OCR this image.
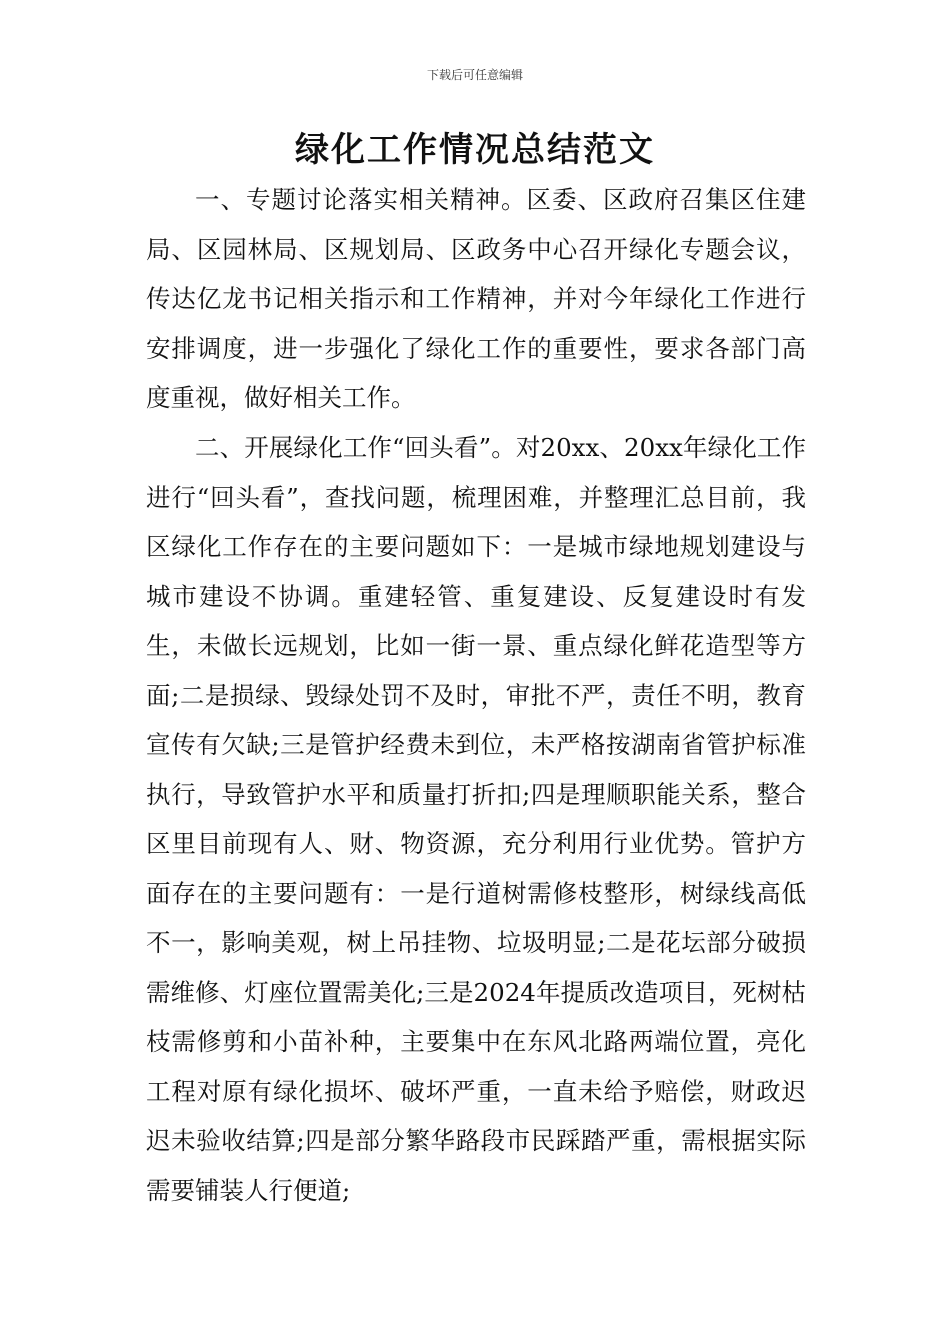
下载后可任意编辑
绿化工作情况总结范文

一、专题讨论落实相关精神。区委、区政府召集区住建局、区园林局、区规划局、区政务中心召开绿化专题会议，传达亿龙书记相关指示和工作精神，并对今年绿化工作进行安排调度，进一步强化了绿化工作的重要性，要求各部门高度重视，做好相关工作。

二、开展绿化工作“回头看”。对20xx、20xx年绿化工作进行“回头看”，查找问题，梳理困难，并整理汇总目前，我区绿化工作存在的主要问题如下：一是城市绿地规划建设与城市建设不协调。重建轻管、重复建设、反复建设时有发生，未做长远规划，比如一街一景、重点绿化鲜花造型等方面;二是损绿、毁绿处罚不及时，审批不严，责任不明，教育宣传有欠缺;三是管护经费未到位，未严格按湖南省管护标准执行，导致管护水平和质量打折扣;四是理顺职能关系，整合区里目前现有人、财、物资源，充分利用行业优势。管护方面存在的主要问题有：一是行道树需修枝整形，树绿线高低不一，影响美观，树上吊挂物、垃圾明显;二是花坛部分破损需维修、灯座位置需美化;三是2024年提质改造项目，死树枯枝需修剪和小苗补种，主要集中在东风北路两端位置，亮化工程对原有绿化损坏、破坏严重，一直未给予赔偿，财政迟迟未验收结算;四是部分繁华路段市民踩踏严重，需根据实际需要铺装人行便道;
